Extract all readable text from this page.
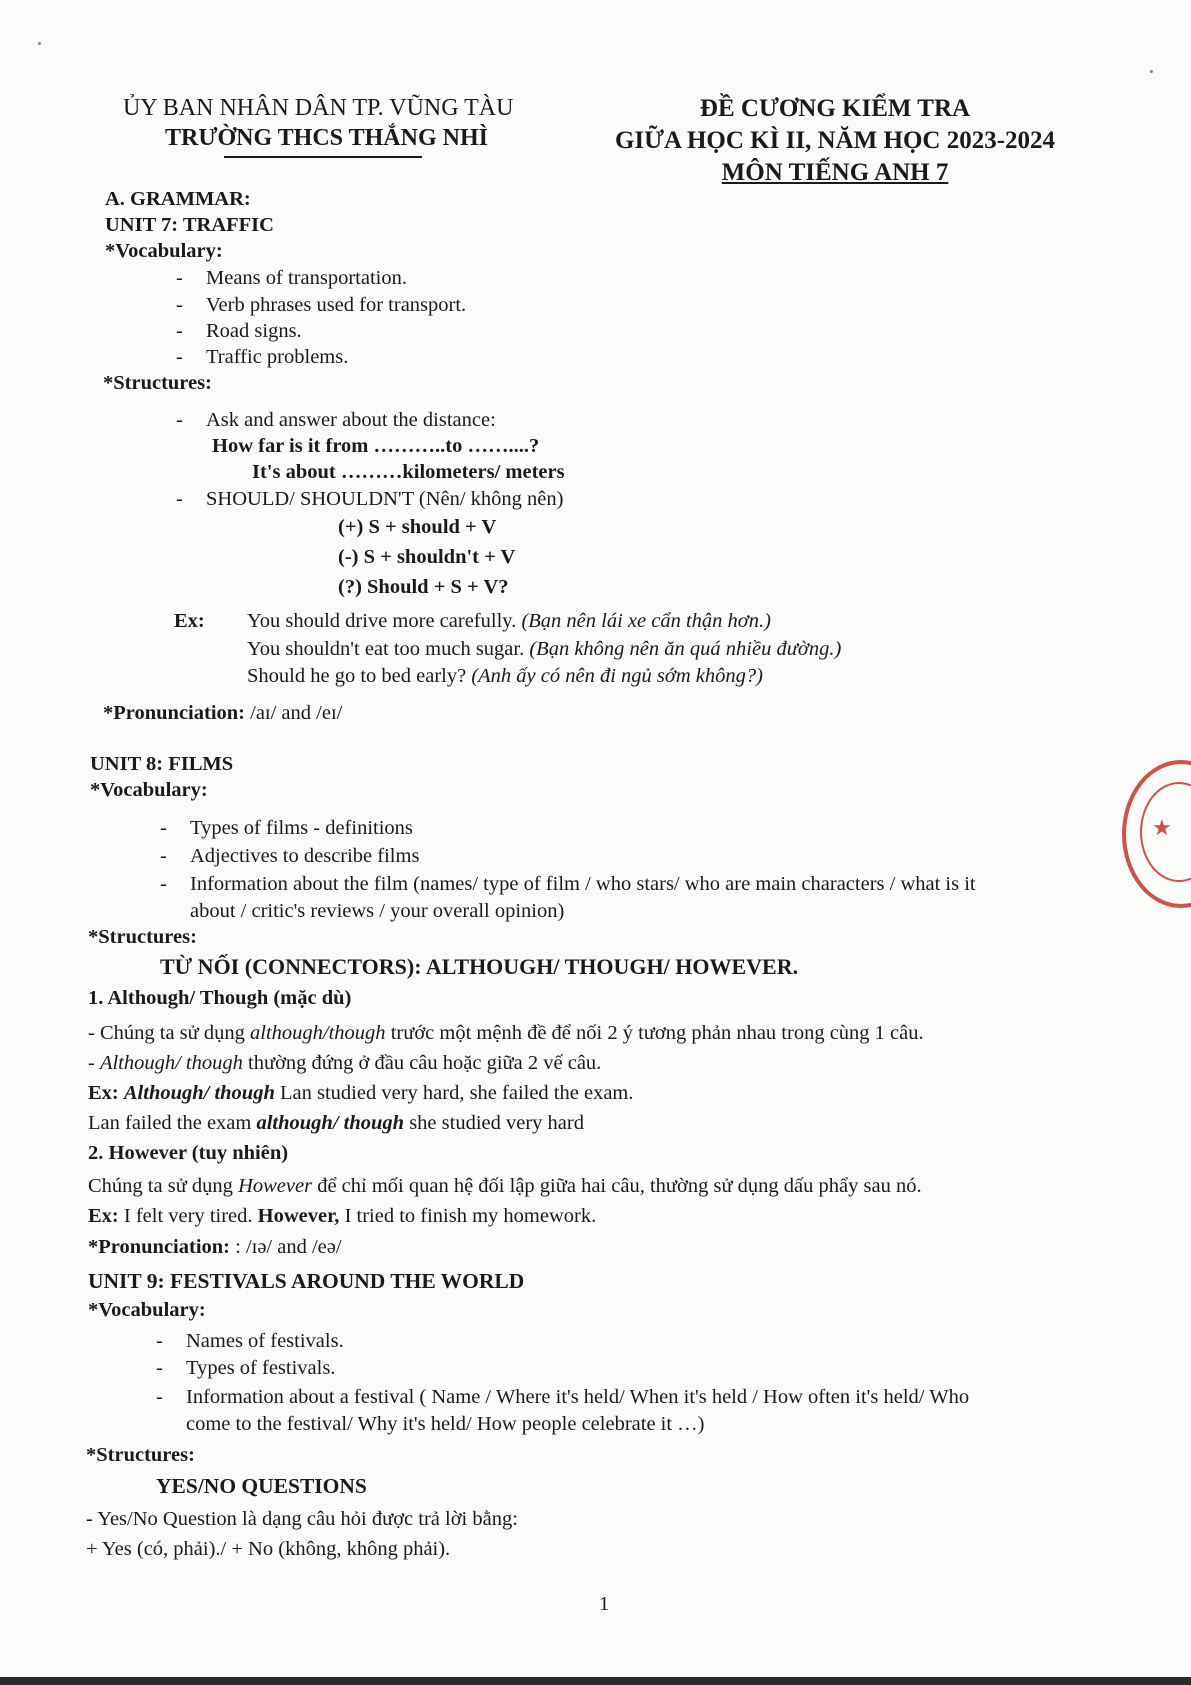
ỦY BAN NHÂN DÂN TP. VŨNG TÀU
TRƯỜNG THCS THẮNG NHÌ
ĐỀ CƯƠNG KIỂM TRA
GIỮA HỌC KÌ II, NĂM HỌC 2023-2024
MÔN TIẾNG ANH 7
A. GRAMMAR:
UNIT 7: TRAFFIC
*Vocabulary:
- Means of transportation.
- Verb phrases used for transport.
- Road signs.
- Traffic problems.
*Structures:
- Ask and answer about the distance:
How far is it from ………..to ……....?
It's about ………kilometers/ meters
- SHOULD/ SHOULDN'T (Nên/ không nên)
(+) S + should + V
(-) S + shouldn't + V
(?) Should + S + V?
Ex: You should drive more carefully. (Bạn nên lái xe cẩn thận hơn.)
You shouldn't eat too much sugar. (Bạn không nên ăn quá nhiều đường.)
Should he go to bed early? (Anh ấy có nên đi ngủ sớm không?)
*Pronunciation: /aɪ/ and /eɪ/
UNIT 8: FILMS
*Vocabulary:
- Types of films - definitions
- Adjectives to describe films
- Information about the film (names/ type of film / who stars/ who are main characters / what is it
about / critic's reviews / your overall opinion)
*Structures:
TỪ NỐI (CONNECTORS): ALTHOUGH/ THOUGH/ HOWEVER.
1. Although/ Though (mặc dù)
- Chúng ta sử dụng although/though trước một mệnh đề để nối 2 ý tương phản nhau trong cùng 1 câu.
- Although/ though thường đứng ở đầu câu hoặc giữa 2 vế câu.
Ex: Although/ though Lan studied very hard, she failed the exam.
Lan failed the exam although/ though she studied very hard
2. However (tuy nhiên)
Chúng ta sử dụng However để chỉ mối quan hệ đối lập giữa hai câu, thường sử dụng dấu phẩy sau nó.
Ex: I felt very tired. However, I tried to finish my homework.
*Pronunciation: : /ɪə/ and /eə/
UNIT 9: FESTIVALS AROUND THE WORLD
*Vocabulary:
- Names of festivals.
- Types of festivals.
- Information about a festival ( Name / Where it's held/ When it's held / How often it's held/ Who
come to the festival/ Why it's held/ How people celebrate it …)
*Structures:
YES/NO QUESTIONS
- Yes/No Question là dạng câu hỏi được trả lời bằng:
+ Yes (có, phải)./ + No (không, không phải).
1
★
